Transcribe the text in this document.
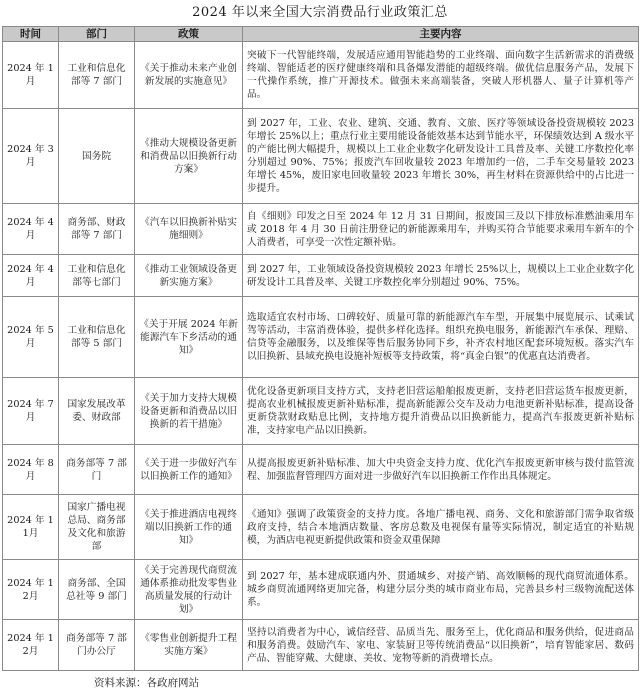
2024 年以来全国大宗消费品行业政策汇总
时间	部门	政策	主要内容
2024 年 1月	工业和信息化部等 7 部门	《关于推动未来产业创新发展的实施意见》	突破下一代智能终端，发展适应通用智能趋势的工业终端、面向数字生活新需求的消费级终端、智能适老的医疗健康终端和具备爆发潜能的超级终端。做优信息服务产品，发展下一代操作系统，推广开源技术。做强未来高端装备，突破人形机器人、量子计算机等产品。
2024 年 3月	国务院	《推动大规模设备更新和消费品以旧换新行动方案》	到 2027 年，工业、农业、建筑、交通、教育、文旅、医疗等领域设备投资规模较 2023 年增长 25%以上；重点行业主要用能设备能效基本达到节能水平，环保绩效达到 A 级水平的产能比例大幅提升，规模以上工业企业数字化研发设计工具普及率、关键工序数控化率分别超过 90%、75%；报废汽车回收量较 2023 年增加约一倍，二手车交易量较 2023 年增长 45%，废旧家电回收量较 2023 年增长 30%，再生材料在资源供给中的占比进一步提升。
2024 年 4月	商务部、财政部等 7 部门	《汽车以旧换新补贴实施细则》	自《细则》印发之日至 2024 年 12 月 31 日期间，报废国三及以下排放标准燃油乘用车或 2018 年 4 月 30 日前注册登记的新能源乘用车，并购买符合节能要求乘用车新车的个人消费者，可享受一次性定额补贴。
2024 年 4月	工业和信息化部等七部门	《推动工业领域设备更新实施方案》	到 2027 年，工业领域设备投资规模较 2023 年增长 25%以上，规模以上工业企业数字化研发设计工具普及率、关键工序数控化率分别超过 90%、75%。
2024 年 5月	工业和信息化部等 5 部门	《关于开展 2024 年新能源汽车下乡活动的通知》	选取适宜农村市场、口碑较好、质量可靠的新能源汽车车型，开展集中展览展示、试乘试驾等活动，丰富消费体验，提供多样化选择。组织充换电服务，新能源汽车承保、理赔、信贷等金融服务，以及维保等售后服务协同下乡，补齐农村地区配套环境短板。落实汽车以旧换新、县域充换电设施补短板等支持政策，将“真金白银”的优惠直达消费者。
2024 年 7月	国家发展改革委、财政部	《关于加力支持大规模设备更新和消费品以旧换新的若干措施》	优化设备更新项目支持方式，支持老旧营运船舶报废更新，支持老旧营运货车报废更新，提高农业机械报废更新补贴标准，提高新能源公交车及动力电池更新补贴标准，提高设备更新贷款财政贴息比例，支持地方提升消费品以旧换新能力，提高汽车报废更新补贴标准，支持家电产品以旧换新。
2024 年 8月	商务部等 7 部门	《关于进一步做好汽车以旧换新工作的通知》	从提高报废更新补贴标准、加大中央资金支持力度、优化汽车报废更新审核与拨付监管流程、加强监督管理四方面对进一步做好汽车以旧换新工作作出具体规定。
2024 年 11月	国家广播电视总局、商务部及文化和旅游部	《关于推进酒店电视终端以旧换新工作的通知》	《通知》强调了政策资金的支持力度。各地广播电视、商务、文化和旅游部门需争取省级政府支持，结合本地酒店数量、客房总数及电视保有量等实际情况，制定适宜的补贴规模，为酒店电视更新提供政策和资金双重保障
2024 年 12月	商务部、全国总社等 9 部门	《关于完善现代商贸流通体系推动批发零售业高质量发展的行动计划》	到 2027 年，基本建成联通内外、贯通城乡、对接产销、高效顺畅的现代商贸流通体系。城乡商贸流通网络更加完备，构建分层分类的城市商业布局，完善县乡村三级物流配送体系。
2024 年 12月	商务部等 7 部门办公厅	《零售业创新提升工程实施方案》	坚持以消费者为中心，诚信经营、品质当先、服务至上，优化商品和服务供给，促进商品和服务消费。鼓励汽车、家电、家装厨卫等传统消费品“以旧换新”，培育智能家居、数码产品、智能穿戴、大健康、美妆、宠物等新的消费增长点。
资料来源：各政府网站
